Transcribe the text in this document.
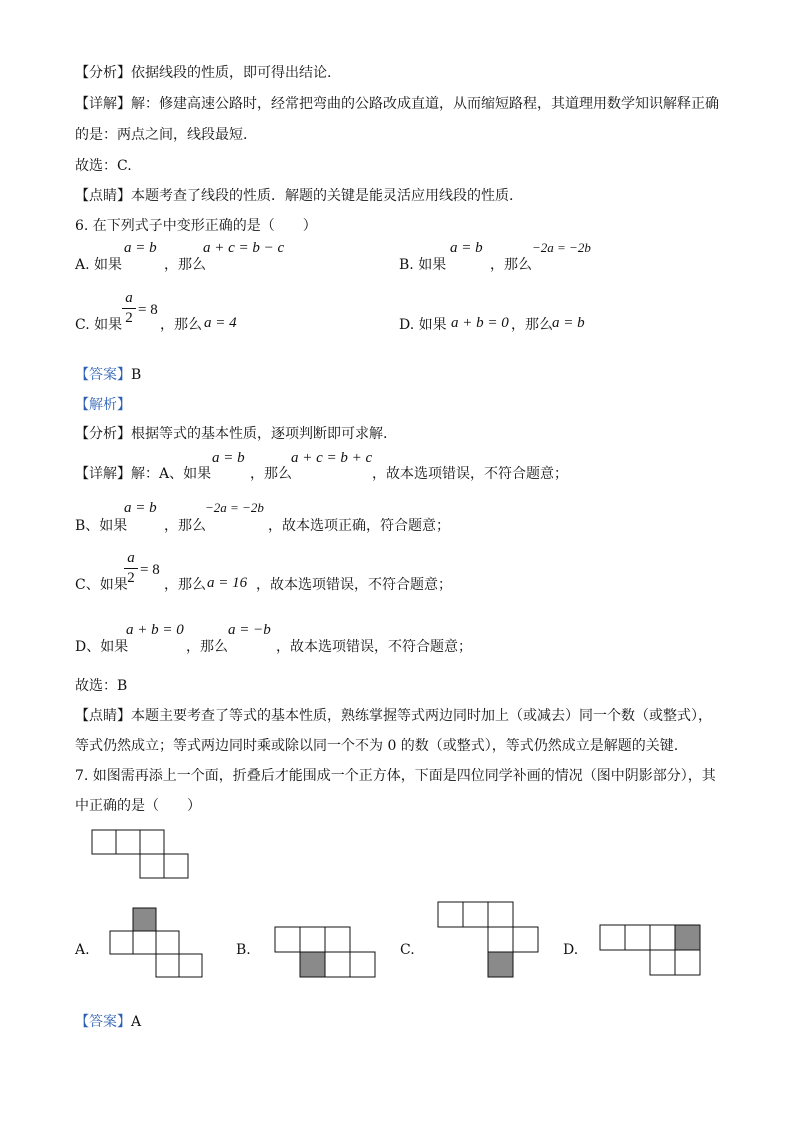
【分析】依据线段的性质，即可得出结论.
【详解】解：修建高速公路时，经常把弯曲的公路改成直道，从而缩短路程，其道理用数学知识解释正确
的是：两点之间，线段最短.
故选：C.
【点睛】本题考查了线段的性质．解题的关键是能灵活应用线段的性质.
6. 在下列式子中变形正确的是（　　）
A. 如果
a = b
，那么
a + c = b − c
B. 如果
a = b
，那么
−2a = −2b
C. 如果
a
2 = 8
，那么 a = 4	D. 如果 a + b = 0 ，那么 a = b
【答案】B
【解析】
【分析】根据等式的基本性质，逐项判断即可求解.
【详解】解：A、如果
a = b
，那么
a + c = b + c
，故本选项错误，不符合题意；
B、如果
a = b
，那么
−2a = −2b
，故本选项正确，符合题意；
C、如果
a
2 = 8
，那么 a = 16 ，故本选项错误，不符合题意；
D、如果
a + b = 0
，那么
a = −b
，故本选项错误，不符合题意；
故选：B
【点睛】本题主要考查了等式的基本性质，熟练掌握等式两边同时加上（或减去）同一个数（或整式），
等式仍然成立；等式两边同时乘或除以同一个不为 0 的数（或整式），等式仍然成立是解题的关键.
7. 如图需再添上一个面，折叠后才能围成一个正方体，下面是四位同学补画的情况（图中阴影部分），其
中正确的是（　　）
A.	B.	C.	D.
【答案】A
